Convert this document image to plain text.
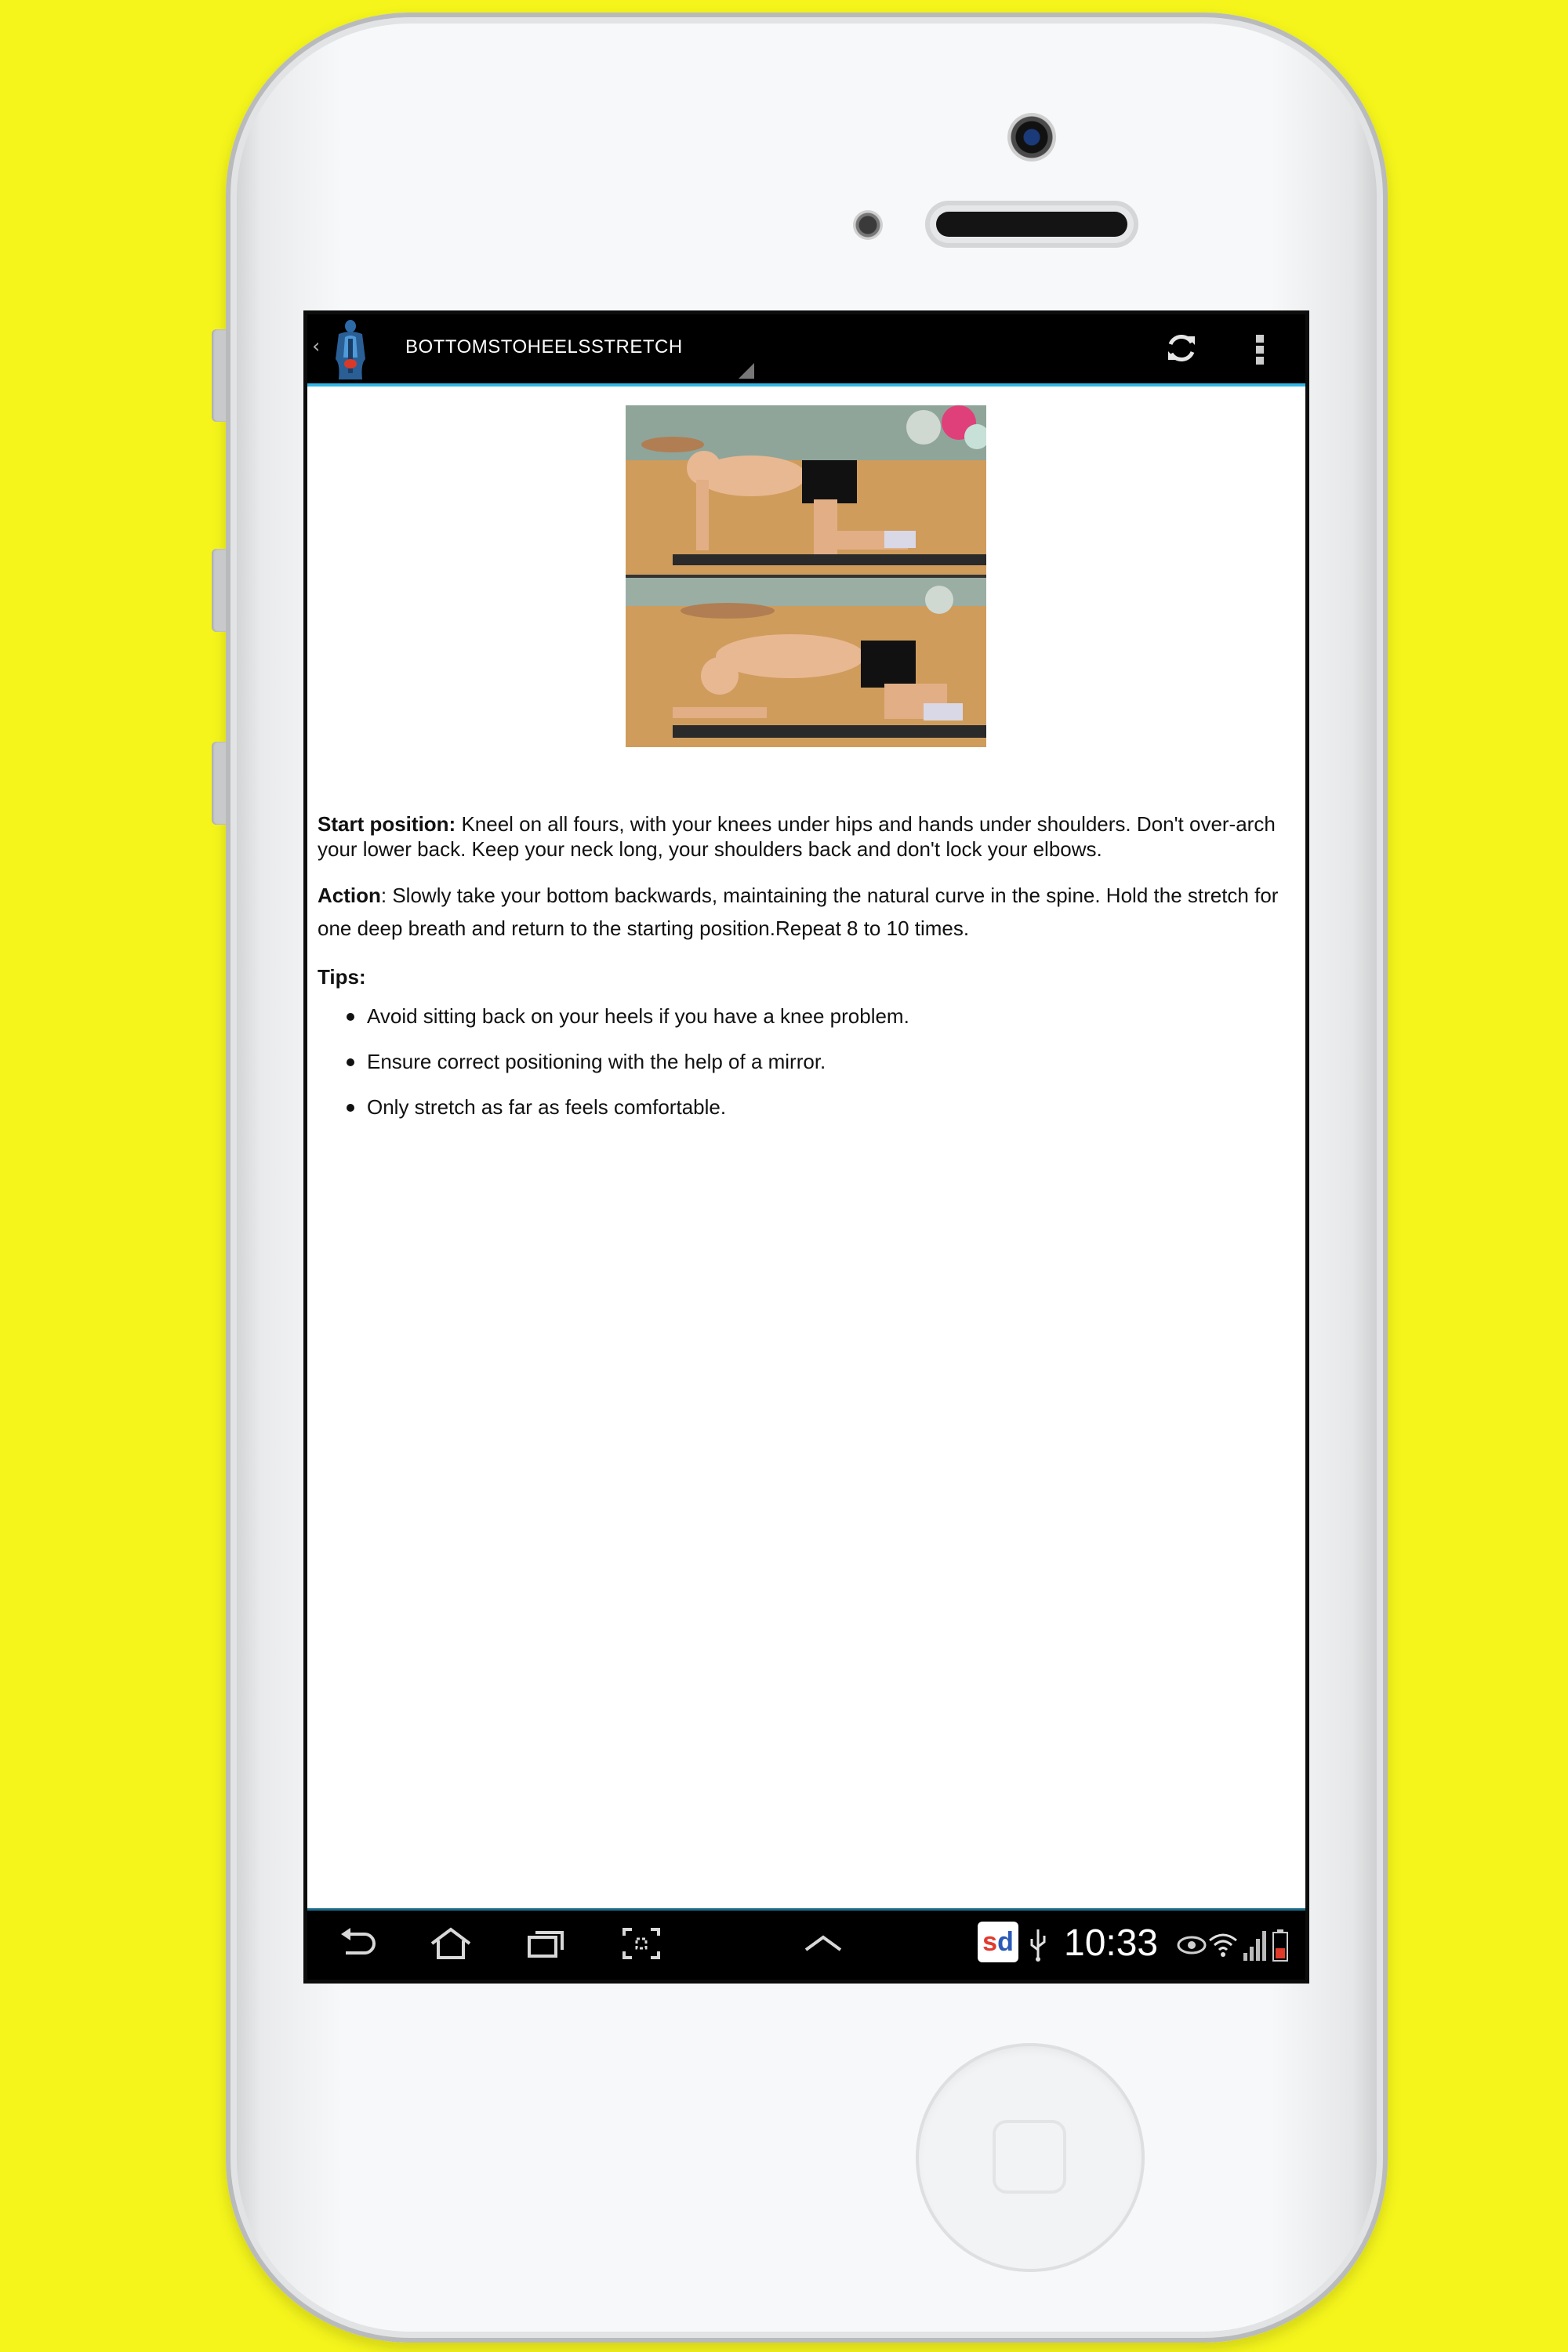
‹	BOTTOMSTOHEELSSTRETCH

Start position: Kneel on all fours, with your knees under hips and hands under shoulders. Don't over-arch your lower back. Keep your neck long, your shoulders back and don't lock your elbows.

Action: Slowly take your bottom backwards, maintaining the natural curve in the spine. Hold the stretch for one deep breath and return to the starting position.Repeat 8 to 10 times.

Tips:
Avoid sitting back on your heels if you have a knee problem.
Ensure correct positioning with the help of a mirror.
Only stretch as far as feels comfortable.
sd 10:33
